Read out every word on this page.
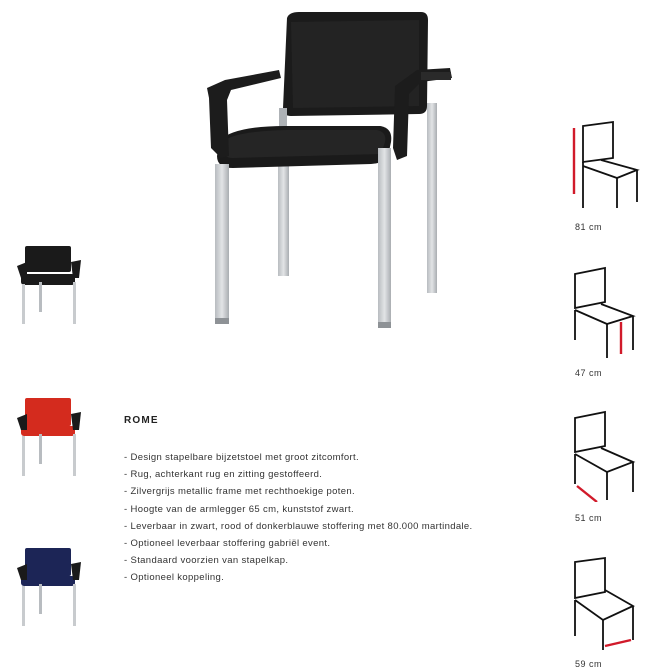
ROME
- Design stapelbare bijzetstoel met groot zitcomfort.
- Rug, achterkant rug en zitting gestoffeerd.
- Zilvergrijs metallic frame met rechthoekige poten.
- Hoogte van de armlegger 65 cm, kunststof zwart.
- Leverbaar in zwart, rood of donkerblauwe stoffering met 80.000 martindale.
- Optioneel leverbaar stoffering gabriël event.
- Standaard voorzien van stapelkap.
- Optioneel koppeling.
81 cm
47 cm
51 cm
59 cm
